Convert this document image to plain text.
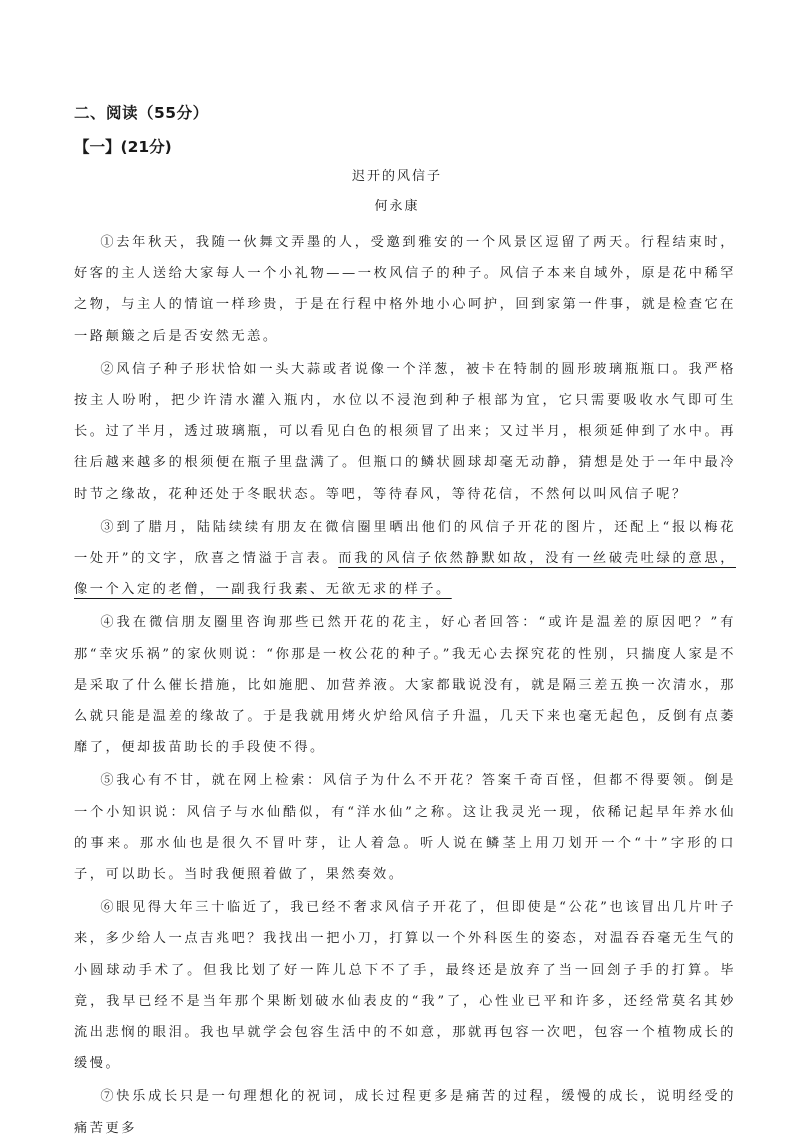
二、阅读（55分）
【一】(21分)
迟开的风信子
何永康

①去年秋天，我随一伙舞文弄墨的人，受邀到雅安的一个风景区逗留了两天。行程结束时，好客的主人送给大家每人一个小礼物——一枚风信子的种子。风信子本来自域外，原是花中稀罕之物，与主人的情谊一样珍贵，于是在行程中格外地小心呵护，回到家第一件事，就是检查它在一路颠簸之后是否安然无恙。

②风信子种子形状恰如一头大蒜或者说像一个洋葱，被卡在特制的圆形玻璃瓶瓶口。我严格按主人吩咐，把少许清水灌入瓶内，水位以不浸泡到种子根部为宜，它只需要吸收水气即可生长。过了半月，透过玻璃瓶，可以看见白色的根须冒了出来；又过半月，根须延伸到了水中。再往后越来越多的根须便在瓶子里盘满了。但瓶口的鳞状圆球却毫无动静，猜想是处于一年中最冷时节之缘故，花种还处于冬眠状态。等吧，等待春风，等待花信，不然何以叫风信子呢？

③到了腊月，陆陆续续有朋友在微信圈里晒出他们的风信子开花的图片，还配上“报以梅花一处开”的文字，欣喜之情溢于言表。而我的风信子依然静默如故，没有一丝破壳吐绿的意思，像一个入定的老僧，一副我行我素、无欲无求的样子。

④我在微信朋友圈里咨询那些已然开花的花主，好心者回答：“或许是温差的原因吧？”有那“幸灾乐祸”的家伙则说：“你那是一枚公花的种子。”我无心去探究花的性别，只揣度人家是不是采取了什么催长措施，比如施肥、加营养液。大家都戢说没有，就是隔三差五换一次清水，那么就只能是温差的缘故了。于是我就用烤火炉给风信子升温，几天下来也毫无起色，反倒有点萎靡了，便却拔苗助长的手段使不得。

⑤我心有不甘，就在网上检索：风信子为什么不开花？答案千奇百怪，但都不得要领。倒是一个小知识说：风信子与水仙酷似，有“洋水仙”之称。这让我灵光一现，依稀记起早年养水仙的事来。那水仙也是很久不冒叶芽，让人着急。听人说在鳞茎上用刀划开一个“十”字形的口子，可以助长。当时我便照着做了，果然奏效。

⑥眼见得大年三十临近了，我已经不奢求风信子开花了，但即使是“公花”也该冒出几片叶子来，多少给人一点吉兆吧？我找出一把小刀，打算以一个外科医生的姿态，对温吞吞毫无生气的小圆球动手术了。但我比划了好一阵儿总下不了手，最终还是放弃了当一回刽子手的打算。毕竟，我早已经不是当年那个果断划破水仙表皮的“我”了，心性业已平和许多，还经常莫名其妙流出悲悯的眼泪。我也早就学会包容生活中的不如意，那就再包容一次吧，包容一个植物成长的缓慢。

⑦快乐成长只是一句理想化的祝词，成长过程更多是痛苦的过程，缓慢的成长，说明经受的痛苦更多
